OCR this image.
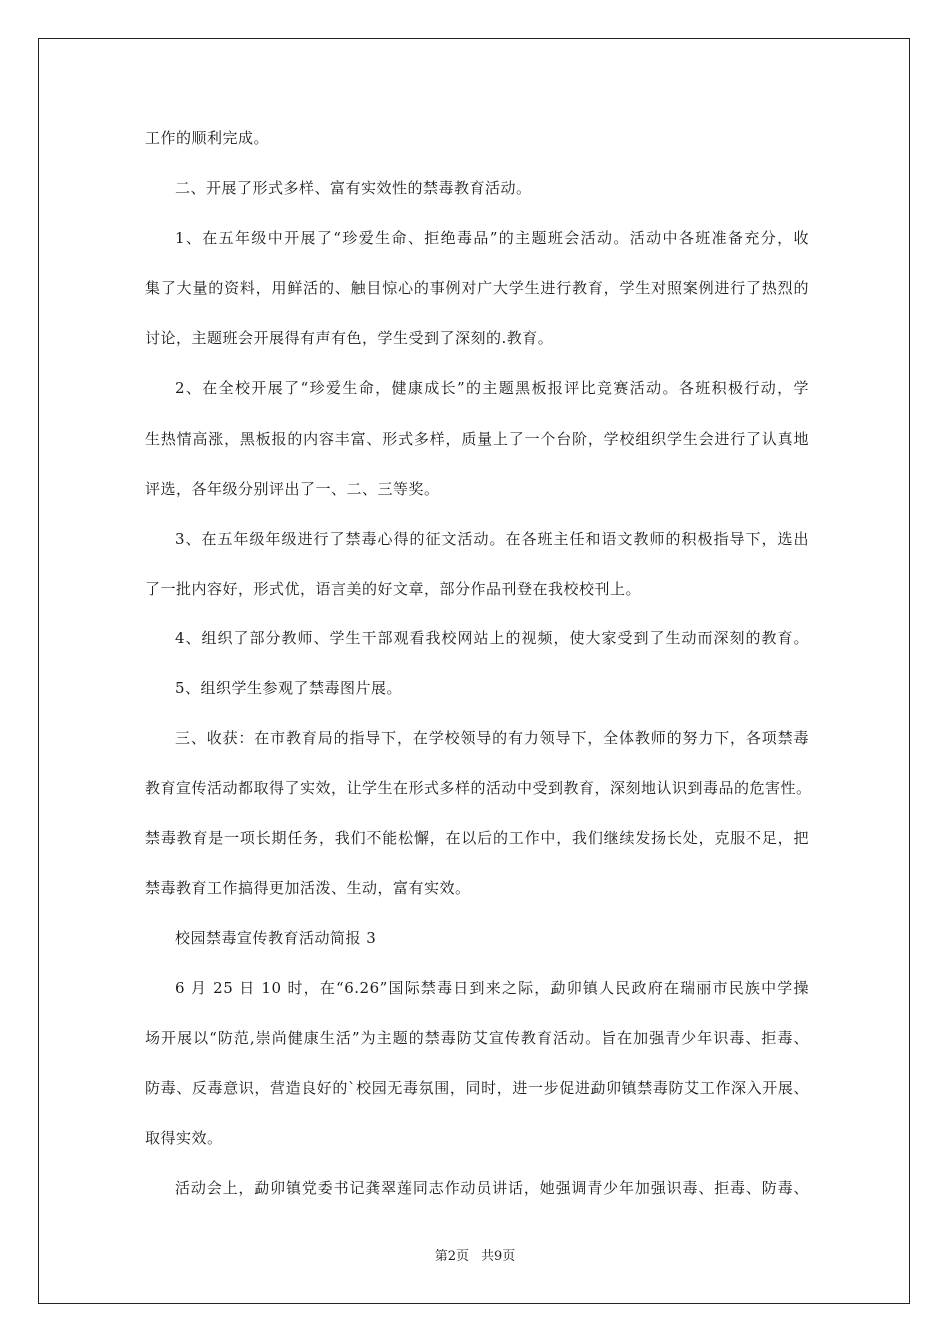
工作的顺利完成。
二、开展了形式多样、富有实效性的禁毒教育活动。
1、在五年级中开展了“珍爱生命、拒绝毒品”的主题班会活动。活动中各班准备充分，收
集了大量的资料，用鲜活的、触目惊心的事例对广大学生进行教育，学生对照案例进行了热烈的
讨论，主题班会开展得有声有色，学生受到了深刻的.教育。
2、在全校开展了“珍爱生命，健康成长”的主题黑板报评比竞赛活动。各班积极行动，学
生热情高涨，黑板报的内容丰富、形式多样，质量上了一个台阶，学校组织学生会进行了认真地
评选，各年级分别评出了一、二、三等奖。
3、在五年级年级进行了禁毒心得的征文活动。在各班主任和语文教师的积极指导下，选出
了一批内容好，形式优，语言美的好文章，部分作品刊登在我校校刊上。
4、组织了部分教师、学生干部观看我校网站上的视频，使大家受到了生动而深刻的教育。
5、组织学生参观了禁毒图片展。
三、收获：在市教育局的指导下，在学校领导的有力领导下，全体教师的努力下，各项禁毒
教育宣传活动都取得了实效，让学生在形式多样的活动中受到教育，深刻地认识到毒品的危害性。
禁毒教育是一项长期任务，我们不能松懈，在以后的工作中，我们继续发扬长处，克服不足，把
禁毒教育工作搞得更加活泼、生动，富有实效。
校园禁毒宣传教育活动简报 3
6 月 25 日 10 时，在“6.26”国际禁毒日到来之际，勐卯镇人民政府在瑞丽市民族中学操
场开展以“防范,崇尚健康生活”为主题的禁毒防艾宣传教育活动。旨在加强青少年识毒、拒毒、
防毒、反毒意识，营造良好的`校园无毒氛围，同时，进一步促进勐卯镇禁毒防艾工作深入开展、
取得实效。
活动会上，勐卯镇党委书记龚翠莲同志作动员讲话，她强调青少年加强识毒、拒毒、防毒、
第2页 共9页
